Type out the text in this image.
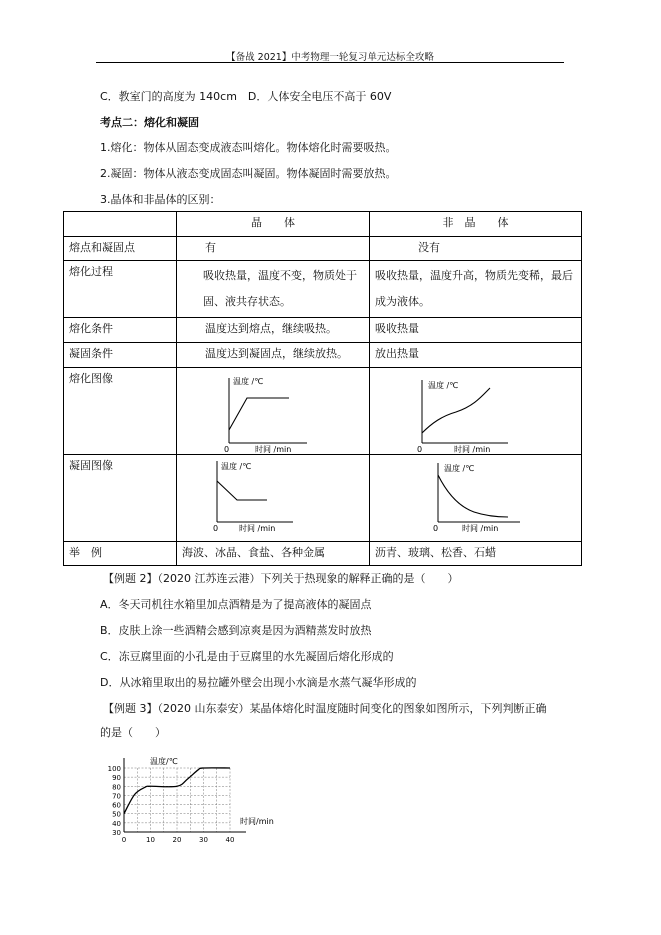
【备战 2021】中考物理一轮复习单元达标全攻略
C．教室门的高度为 140cm　D．人体安全电压不高于 60V
考点二：熔化和凝固
1.熔化：物体从固态变成液态叫熔化。物体熔化时需要吸热。
2.凝固：物体从液态变成固态叫凝固。物体凝固时需要放热。
3.晶体和非晶体的区别：
	晶　　体	非　晶　　体
熔点和凝固点	有	没有
熔化过程	吸收热量，温度不变，物质处于固、液共存状态。	吸收热量，温度升高，物质先变稀，最后成为液体。
熔化条件	温度达到熔点，继续吸热。	吸收热量
凝固条件	温度达到凝固点，继续放热。	放出热量
熔化图像	温度 /℃
时间 /min
0	温度 /℃
时间 /min
0

凝固图像	温度 /℃
时间 /min
0	温度 /℃
时间 /min
0

举　例	海波、冰晶、食盐、各种金属	沥青、玻璃、松香、石蜡
【例题 2】（2020 江苏连云港）下列关于热现象的解释正确的是（　　）
A．冬天司机往水箱里加点酒精是为了提高液体的凝固点
B．皮肤上涂一些酒精会感到凉爽是因为酒精蒸发时放热
C．冻豆腐里面的小孔是由于豆腐里的水先凝固后熔化形成的
D．从冰箱里取出的易拉罐外壁会出现小水滴是水蒸气凝华形成的
【例题 3】（2020 山东泰安）某晶体熔化时温度随时间变化的图象如图所示，下列判断正确
的是（　　）
30
40
50
60
70
80
90
100
0	10	20	30	40
温度/℃
时间/min
